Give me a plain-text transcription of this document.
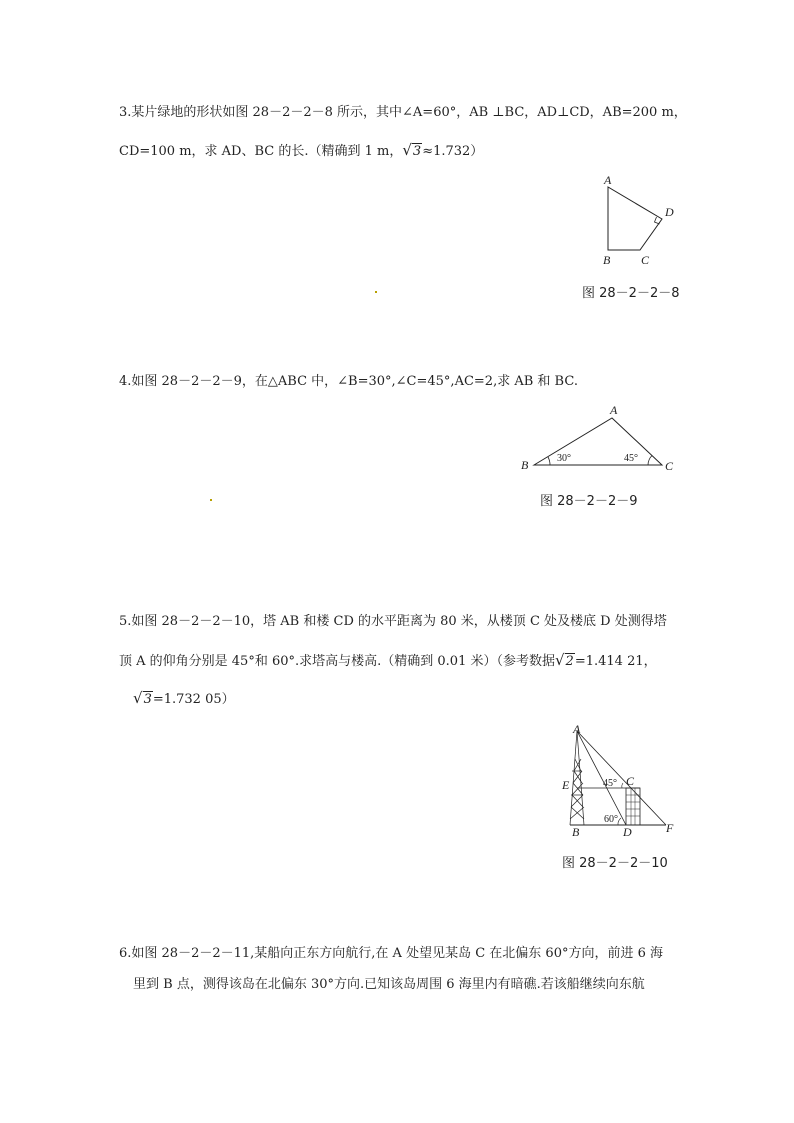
3.某片绿地的形状如图 28－2－2－8 所示，其中∠A=60°，AB ⊥BC，AD⊥CD，AB=200 m，
CD=100 m，求 AD、BC 的长.（精确到 1 m，√3≈1.732）
A
B	C
D
图 28－2－2－8
4.如图 28－2－2－9，在△ABC 中，∠B=30°,∠C=45°,AC=2,求 AB 和 BC.
A
B	C
30°	45°
图 28－2－2－9
5.如图 28－2－2－10，塔 AB 和楼 CD 的水平距离为 80 米，从楼顶 C 处及楼底 D 处测得塔
顶 A 的仰角分别是 45°和 60°.求塔高与楼高.（精确到 0.01 米）（参考数据√2=1.414 21，
√3=1.732 05）
A
B
C
D
E
F
45°
60°
图 28－2－2－10
6.如图 28－2－2－11,某船向正东方向航行,在 A 处望见某岛 C 在北偏东 60°方向，前进 6 海
里到 B 点，测得该岛在北偏东 30°方向.已知该岛周围 6 海里内有暗礁.若该船继续向东航
